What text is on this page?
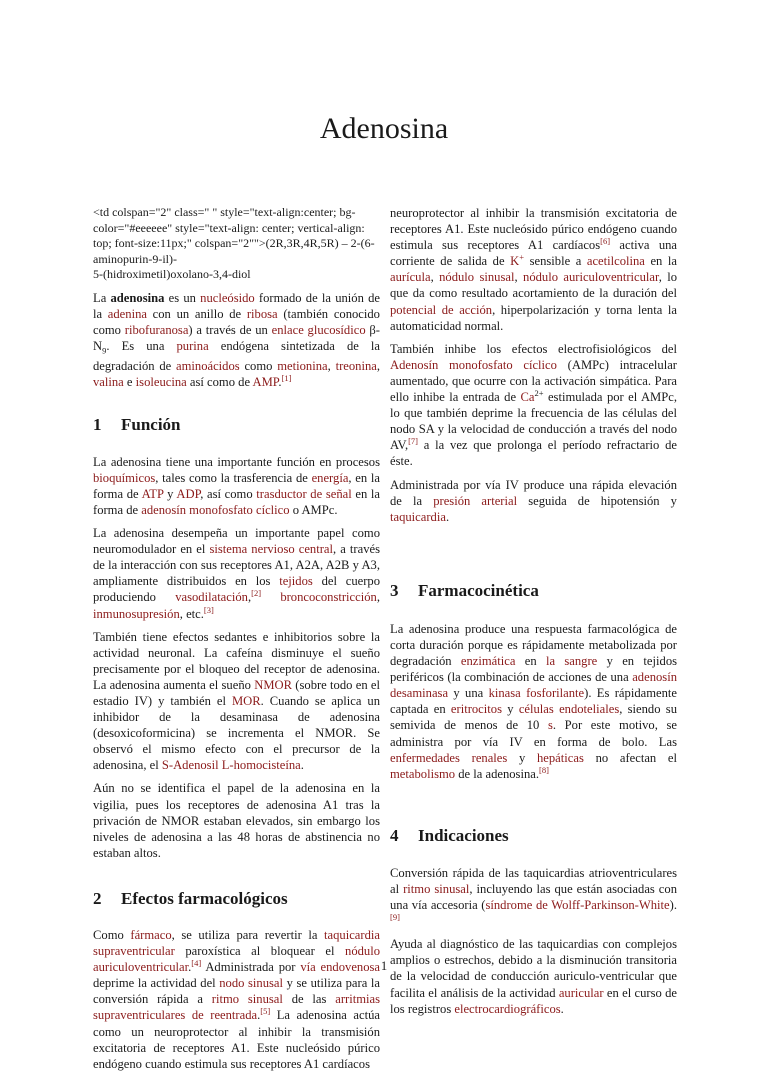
Adenosina

<td colspan="2" class=" " style="text-align:center; bg-color="#eeeeee" style="text-align: center; vertical-align: top; font-size:11px;" colspan="2"">(2R,3R,4R,5R) – 2-(6-aminopurin-9-il)-

5-(hidroximetil)oxolano-3,4-diol

La adenosina es un nucleósido formado de la unión de la adenina con un anillo de ribosa (también conocido como ribofuranosa) a través de un enlace glucosídico $\beta-N_9$. Es una purina endógena sintetizada de la degradación de aminoácidos como metionina, treonina, valina e isoleucina así como de AMP.[1]

1 Función

La adenosina tiene una importante función en procesos bioquímicos, tales como la trasferencia de energía, en la forma de ATP y ADP, así como trasductor de señal en la forma de adenosín monofosfato cíclico o AMPc.

La adenosina desempeña un importante papel como neuromodulador en el sistema nervioso central, a través de la interacción con sus receptores A1, A2A, A2B y A3, ampliamente distribuidos en los tejidos del cuerpo produciendo vasodilatación,[2] broncoconstricción, inmunosupresión, etc.[3]

También tiene efectos sedantes e inhibitorios sobre la actividad neuronal. La cafeína disminuye el sueño precisamente por el bloqueo del receptor de adenosina. La adenosina aumenta el sueño NMOR (sobre todo en el estadio IV) y también el MOR. Cuando se aplica un inhibidor de la desaminasa de adenosina (desoxicoformicina) se incrementa el NMOR. Se observó el mismo efecto con el precursor de la adenosina, el S-Adenosil L-homocisteína.

Aún no se identifica el papel de la adenosina en la vigilia, pues los receptores de adenosina A1 tras la privación de NMOR estaban elevados, sin embargo los niveles de adenosina a las 48 horas de abstinencia no estaban altos.

2 Efectos farmacológicos

Como fármaco, se utiliza para revertir la taquicardia supraventricular paroxística al bloquear el nódulo auriculoventricular.[4] Administrada por vía endovenosa deprime la actividad del nodo sinusal y se utiliza para la conversión rápida a ritmo sinusal de las arritmias supraventriculares de reentrada.[5] La adenosina actúa como un neuroprotector al inhibir la transmisión excitatoria de receptores A1. Este nucleósido púrico endógeno cuando estimula sus receptores A1 cardíacos

neuroprotector al inhibir la transmisión excitatoria de receptores A1. Este nucleósido púrico endógeno cuando estimula sus receptores A1 cardíacos[6] activa una corriente de salida de K+ sensible a acetilcolina en la aurícula, nódulo sinusal, nódulo auriculoventricular, lo que da como resultado acortamiento de la duración del potencial de acción, hiperpolarización y torna lenta la automaticidad normal.

También inhibe los efectos electrofisiológicos del Adenosín monofosfato cíclico (AMPc) intracelular aumentado, que ocurre con la activación simpática. Para ello inhibe la entrada de $Ca^{2+}$ estimulada por el AMPc, lo que también deprime la frecuencia de las células del nodo SA y la velocidad de conducción a través del nodo AV,[7] a la vez que prolonga el período refractario de éste.

Administrada por vía IV produce una rápida elevación de la presión arterial seguida de hipotensión y taquicardia.

3 Farmacocinética

La adenosina produce una respuesta farmacológica de corta duración porque es rápidamente metabolizada por degradación enzimática en la sangre y en tejidos periféricos (la combinación de acciones de una adenosín desaminasa y una kinasa fosforilante). Es rápidamente captada en eritrocitos y células endoteliales, siendo su semivida de menos de 10 s. Por este motivo, se administra por vía IV en forma de bolo. Las enfermedades renales y hepáticas no afectan el metabolismo de la adenosina.[8]

4 Indicaciones

Conversión rápida de las taquicardias atrioventriculares al ritmo sinusal, incluyendo las que están asociadas con una vía accesoria (síndrome de Wolff-Parkinson-White).[9]

Ayuda al diagnóstico de las taquicardias con complejos amplios o estrechos, debido a la disminución transitoria de la velocidad de conducción auriculo-ventricular que facilita el análisis de la actividad auricular en el curso de los registros electrocardiográficos.

1
